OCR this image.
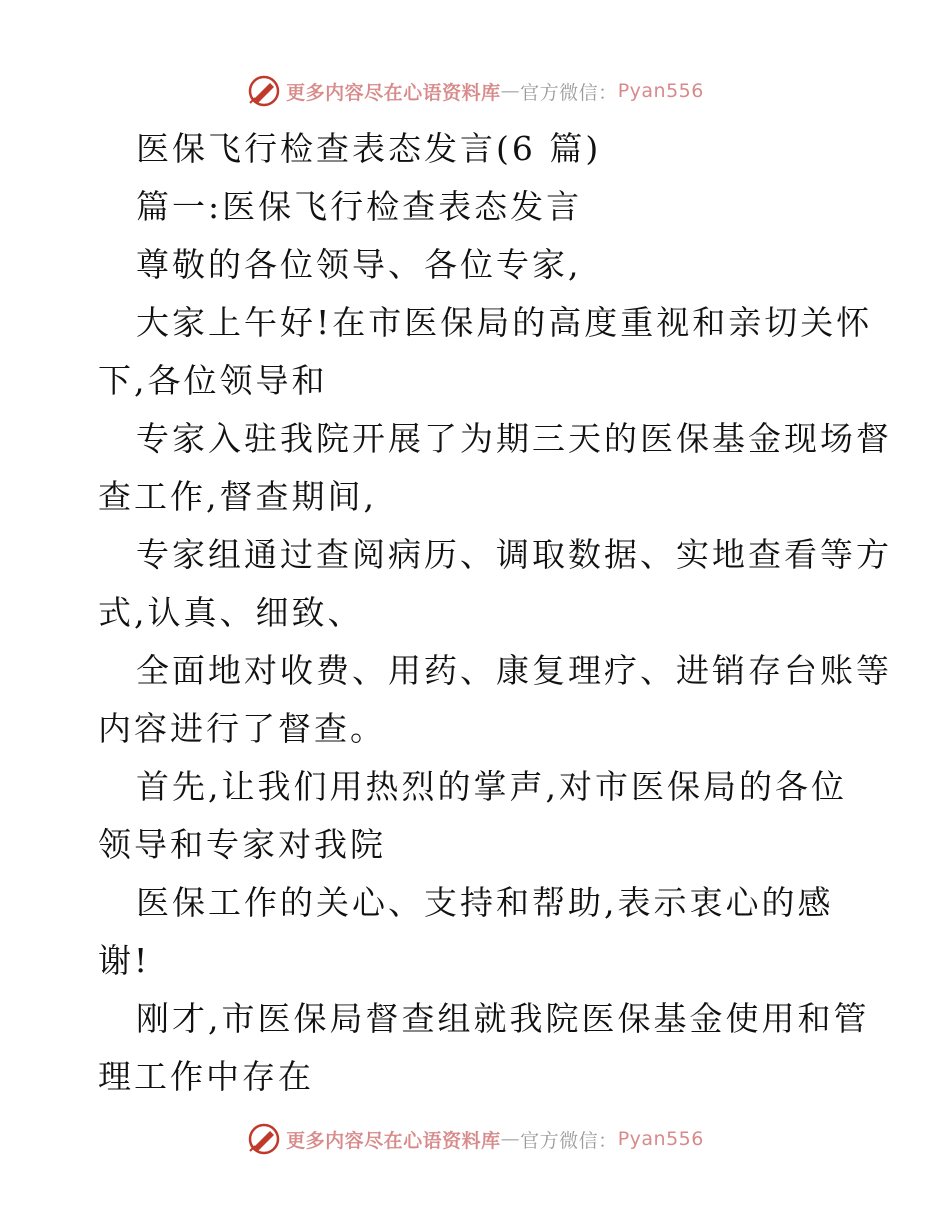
更多内容尽在心语资料库 — 官方微信： Pyan556
医保飞行检查表态发言(6 篇)
篇一:医保飞行检查表态发言
尊敬的各位领导、各位专家,
大家上午好!在市医保局的高度重视和亲切关怀
下,各位领导和
专家入驻我院开展了为期三天的医保基金现场督
查工作,督查期间,
专家组通过查阅病历、调取数据、实地查看等方
式,认真、细致、
全面地对收费、用药、康复理疗、进销存台账等
内容进行了督查。
首先,让我们用热烈的掌声,对市医保局的各位
领导和专家对我院
医保工作的关心、支持和帮助,表示衷心的感
谢!
刚才,市医保局督查组就我院医保基金使用和管
理工作中存在
更多内容尽在心语资料库 — 官方微信： Pyan556
